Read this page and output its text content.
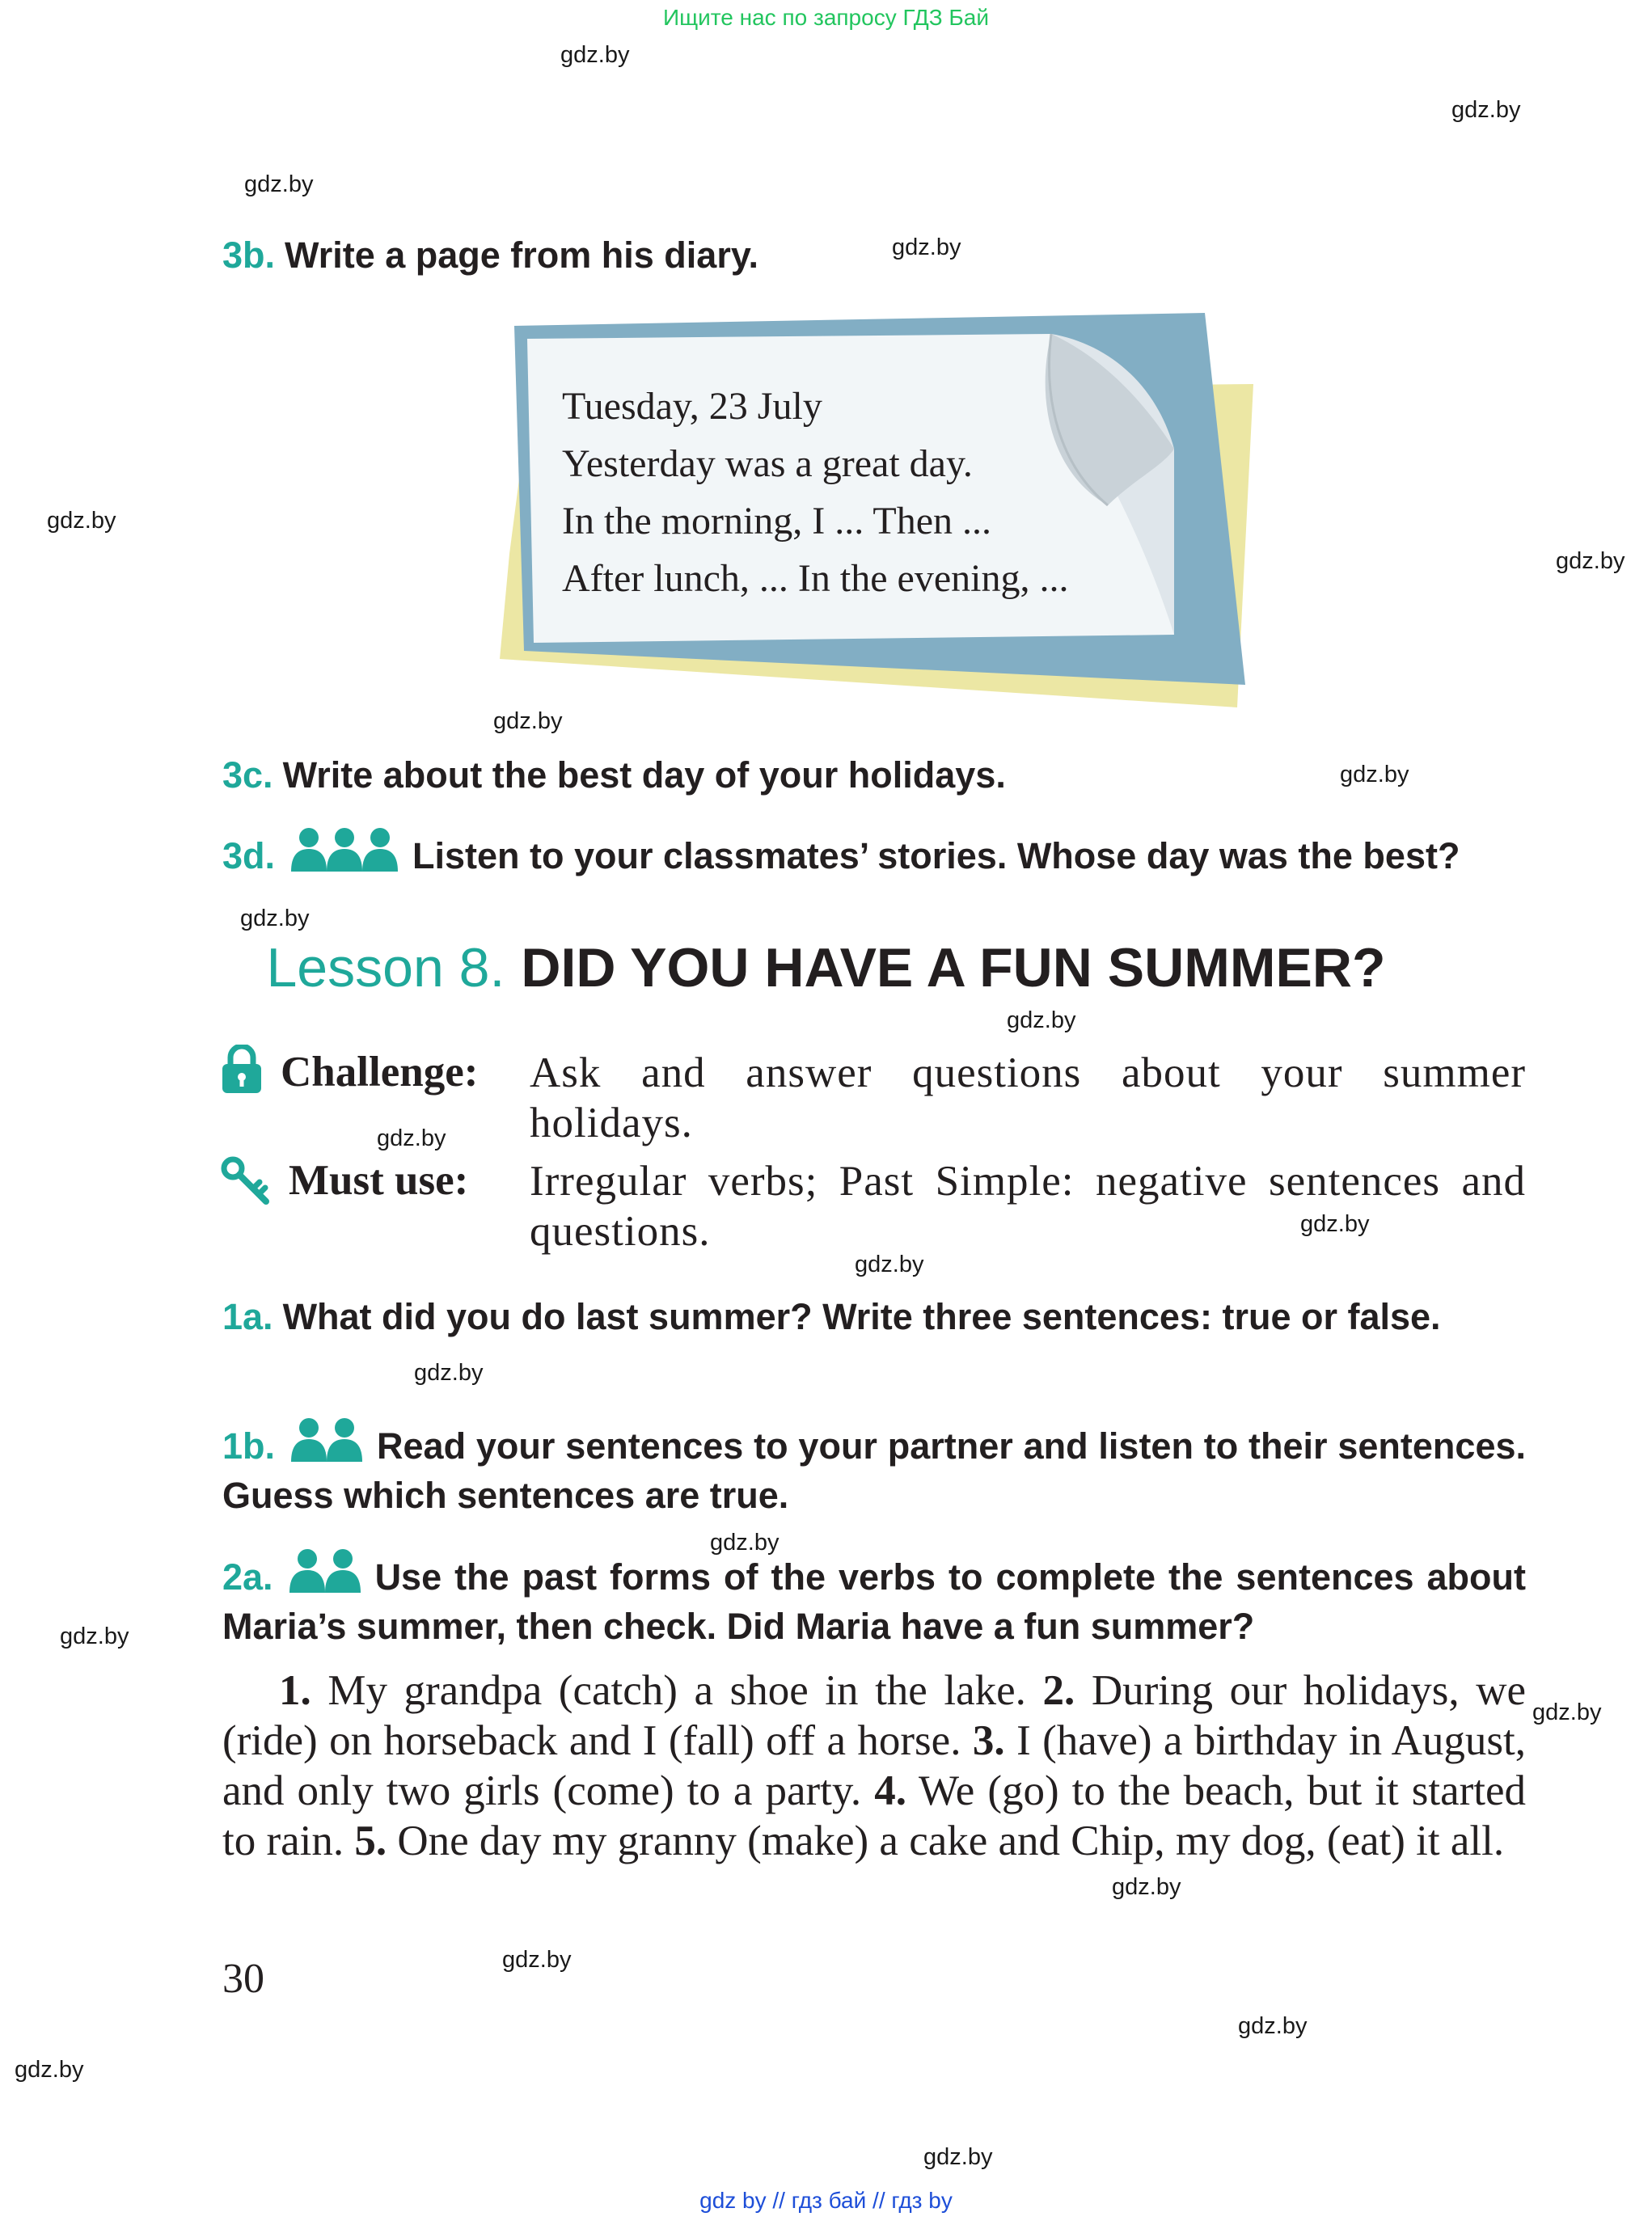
Ищите нас по запросу ГДЗ Бай
gdz.by
gdz.by
gdz.by
gdz.by
gdz.by
gdz.by
gdz.by
gdz.by
gdz.by
gdz.by
gdz.by
gdz.by
gdz.by
gdz.by
gdz.by
gdz.by
gdz.by
gdz.by
gdz.by
gdz.by
gdz.by
gdz.by
3b. Write a page from his diary.
Tuesday, 23 July
Yesterday was a great day.
In the morning, I ... Then ...
After lunch, ... In the evening, ...
3c. Write about the best day of your holidays.
3d.	Listen to your classmates’ stories. Whose day was the best?
Lesson 8. DID YOU HAVE A FUN SUMMER?
Challenge: Ask and answer questions about your summer holidays.
Must use: Irregular verbs; Past Simple: negative sentences and questions.
1a. What did you do last summer? Write three sentences: true or false.
1b.	Read your sentences to your partner and listen to their sentences. Guess which sentences are true.
2a.	Use the past forms of the verbs to complete the sentences about Maria’s summer, then check. Did Maria have a fun summer?
1. My grandpa (catch) a shoe in the lake. 2. During our holidays, we (ride) on horseback and I (fall) off a horse. 3. I (have) a birthday in August, and only two girls (come) to a party. 4. We (go) to the beach, but it started to rain. 5. One day my granny (make) a cake and Chip, my dog, (eat) it all.
30
gdz by // гдз бай // гдз by
